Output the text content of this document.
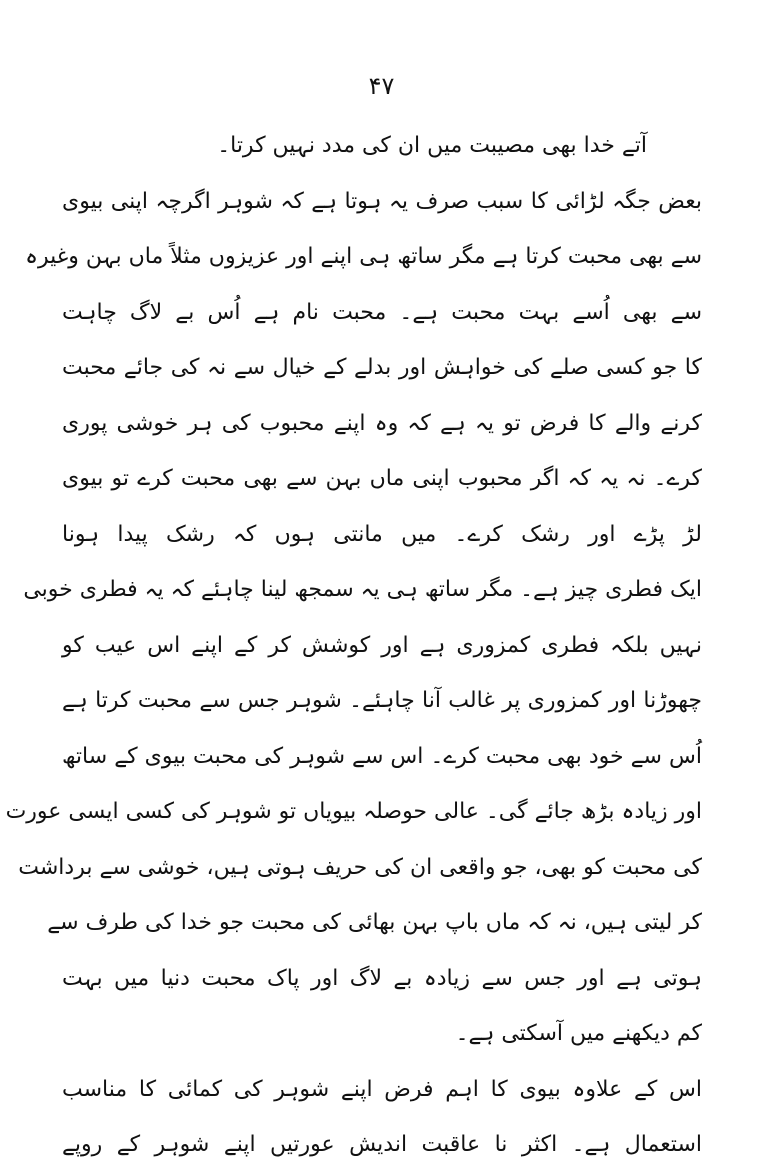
۴۷
آتے خدا بھی مصیبت میں ان کی مدد نہیں کرتا۔
بعض جگہ لڑائی کا سبب صرف یہ ہوتا ہے کہ شوہر اگرچہ اپنی بیوی
سے بھی محبت کرتا ہے مگر ساتھ ہی اپنے اور عزیزوں مثلاً ماں بہن وغیرہ
سے بھی اُسے بہت محبت ہے۔ محبت نام ہے اُس بے لاگ چاہت
کا جو کسی صلے کی خواہش اور بدلے کے خیال سے نہ کی جائے محبت
کرنے والے کا فرض تو یہ ہے کہ وہ اپنے محبوب کی ہر خوشی پوری
کرے۔ نہ یہ کہ اگر محبوب اپنی ماں بہن سے بھی محبت کرے تو بیوی
لڑ پڑے اور رشک کرے۔ میں مانتی ہوں کہ رشک پیدا ہونا
ایک فطری چیز ہے۔ مگر ساتھ ہی یہ سمجھ لینا چاہئے کہ یہ فطری خوبی
نہیں بلکہ فطری کمزوری ہے اور کوشش کر کے اپنے اس عیب کو
چھوڑنا اور کمزوری پر غالب آنا چاہئے۔ شوہر جس سے محبت کرتا ہے
اُس سے خود بھی محبت کرے۔ اس سے شوہر کی محبت بیوی کے ساتھ
اور زیادہ بڑھ جائے گی۔ عالی حوصلہ بیویاں تو شوہر کی کسی ایسی عورت
کی محبت کو بھی، جو واقعی ان کی حریف ہوتی ہیں، خوشی سے برداشت
کر لیتی ہیں، نہ کہ ماں باپ بہن بھائی کی محبت جو خدا کی طرف سے
ہوتی ہے اور جس سے زیادہ بے لاگ اور پاک محبت دنیا میں بہت
کم دیکھنے میں آسکتی ہے۔
اس کے علاوہ بیوی کا اہم فرض اپنے شوہر کی کمائی کا مناسب
استعمال ہے۔ اکثر نا عاقبت اندیش عورتیں اپنے شوہر کے روپے
